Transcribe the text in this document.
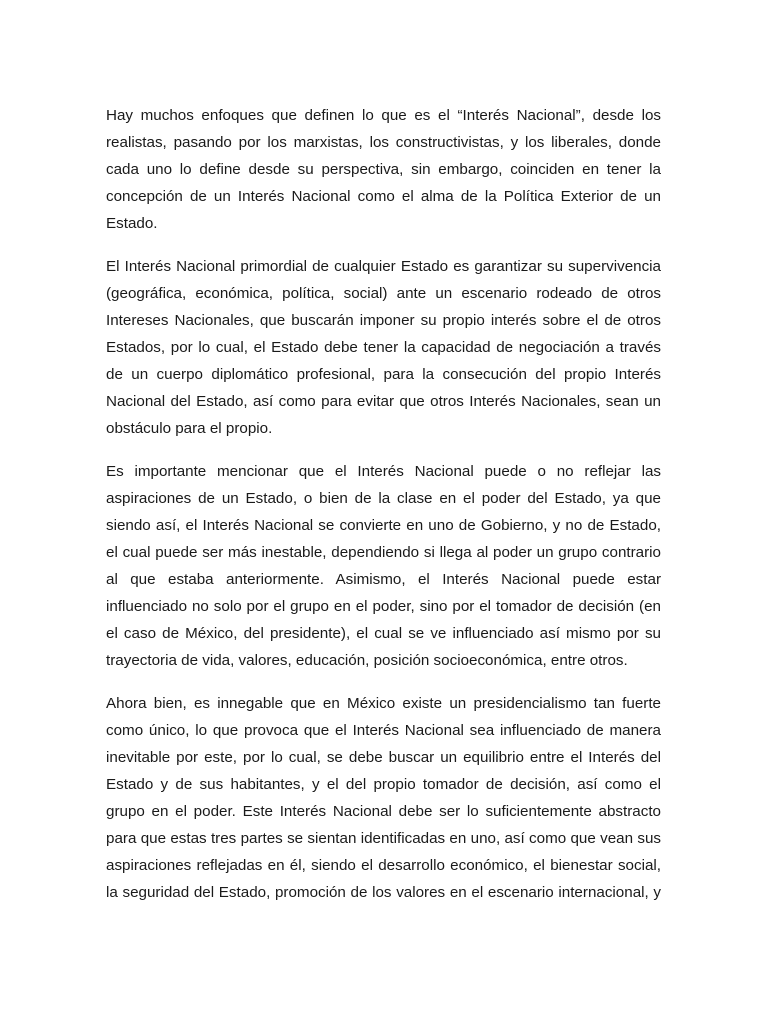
Hay muchos enfoques que definen lo que es el “Interés Nacional”, desde los realistas, pasando por los marxistas, los constructivistas, y los liberales, donde cada uno lo define desde su perspectiva, sin embargo, coinciden en tener la concepción de un Interés Nacional como el alma de la Política Exterior de un Estado.

El Interés Nacional primordial de cualquier Estado es garantizar su supervivencia (geográfica, económica, política, social) ante un escenario rodeado de otros Intereses Nacionales, que buscarán imponer su propio interés sobre el de otros Estados, por lo cual, el Estado debe tener la capacidad de negociación a través de un cuerpo diplomático profesional, para la consecución del propio Interés Nacional del Estado, así como para evitar que otros Interés Nacionales, sean un obstáculo para el propio.

Es importante mencionar que el Interés Nacional puede o no reflejar las aspiraciones de un Estado, o bien de la clase en el poder del Estado, ya que siendo así, el Interés Nacional se convierte en uno de Gobierno, y no de Estado, el cual puede ser más inestable, dependiendo si llega al poder un grupo contrario al que estaba anteriormente. Asimismo, el Interés Nacional puede estar influenciado no solo por el grupo en el poder, sino por el tomador de decisión (en el caso de México, del presidente), el cual se ve influenciado así mismo por su trayectoria de vida, valores, educación, posición socioeconómica, entre otros.

Ahora bien, es innegable que en México existe un presidencialismo tan fuerte como único, lo que provoca que el Interés Nacional sea influenciado de manera inevitable por este, por lo cual, se debe buscar un equilibrio entre el Interés del Estado y de sus habitantes, y el del propio tomador de decisión, así como el grupo en el poder. Este Interés Nacional debe ser lo suficientemente abstracto para que estas tres partes se sientan identificadas en uno, así como que vean sus aspiraciones reflejadas en él, siendo el desarrollo económico, el bienestar social, la seguridad del Estado, promoción de los valores en el escenario internacional, y
